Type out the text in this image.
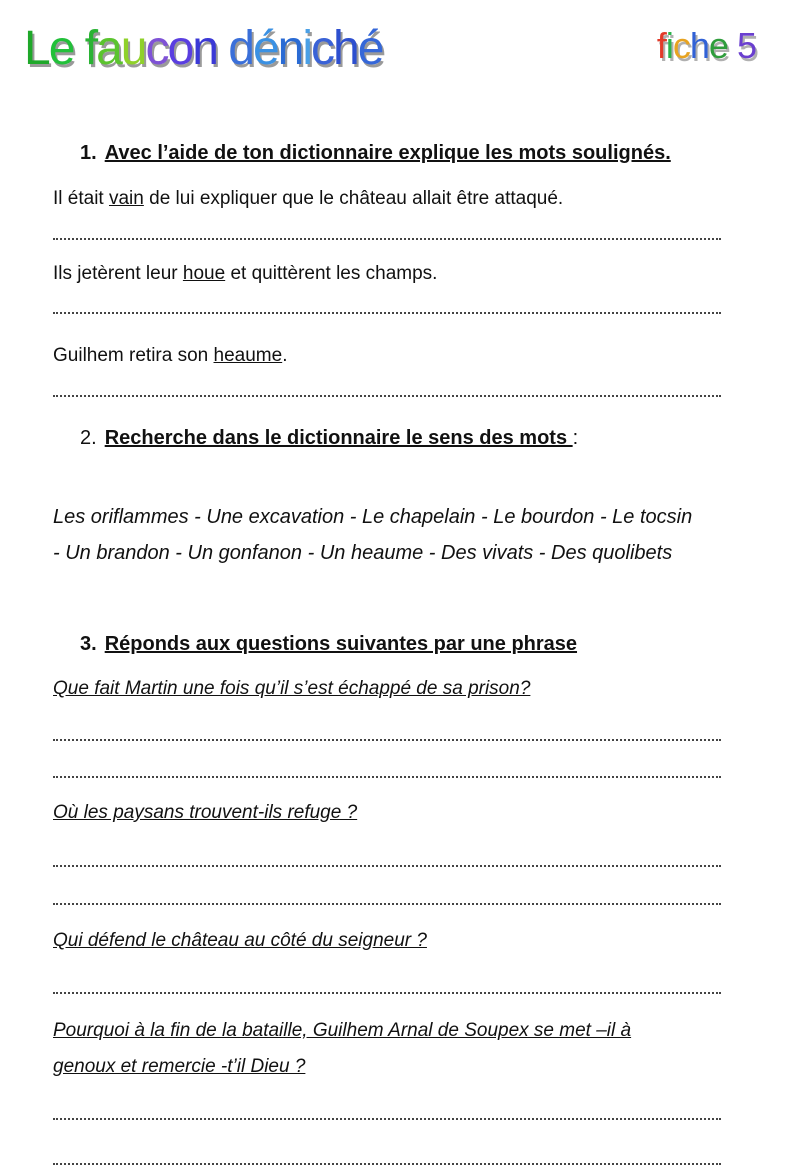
Le faucon déniché	fiche 5
1. Avec l’aide de ton dictionnaire explique les mots soulignés.
Il était vain de lui expliquer que le château allait être attaqué.
Ils jetèrent leur houe et quittèrent les champs.
Guilhem retira son heaume.
2. Recherche dans le dictionnaire le sens des mots :
Les oriflammes - Une excavation - Le chapelain - Le bourdon - Le tocsin
- Un brandon - Un gonfanon - Un heaume - Des vivats - Des quolibets
3. Réponds aux questions suivantes par une phrase
Que fait Martin une fois qu’il s’est échappé de sa prison?
Où les paysans trouvent-ils refuge ?
Qui défend le château au côté du seigneur ?
Pourquoi à la fin de la bataille, Guilhem Arnal de Soupex se met –il à
genoux et remercie -t’il Dieu ?
